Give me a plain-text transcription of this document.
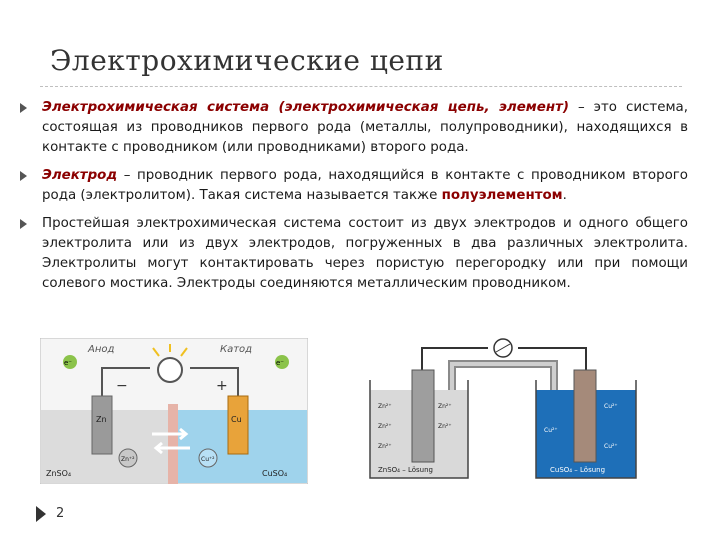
Электрохимические цепи
Электрохимическая система (электрохимическая цепь, элемент) – это система, состоящая из проводников первого рода (металлы, полупроводники), находящихся в контакте с проводником (или проводниками) второго рода.
Электрод – проводник первого рода, находящийся в контакте с проводником второго рода (электролитом). Такая система называется также полуэлементом.
Простейшая электрохимическая система состоит из двух электродов и одного общего электролита или из двух электродов, погруженных в два различных электролита. Электролиты могут контактировать через пористую перегородку или при помощи солевого мостика. Электроды соединяются металлическим проводником.
Анод	Катод
e⁻	e⁻
−	+
Zn	Cu
Zn⁺²	Cu⁺²
ZnSO₄	CuSO₄
Zn²⁺	Zn²⁺
Zn²⁺	Zn²⁺
Zn²⁺
Cu²⁺
Cu²⁺
Cu²⁺
ZnSO₄ – Lösung	CuSO₄ – Lösung
2
